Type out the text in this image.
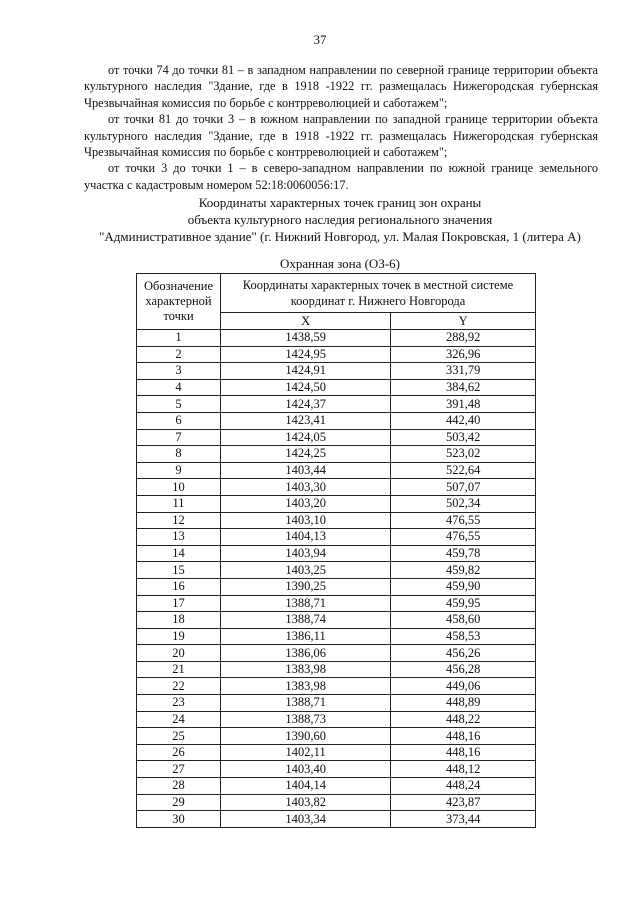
37

от точки 74 до точки 81 – в западном направлении по северной границе территории объекта культурного наследия "Здание, где в 1918 -1922 гг. размещалась Нижегородская губернская Чрезвычайная комиссия по борьбе с контрреволюцией и саботажем";

от точки 81 до точки 3 – в южном направлении по западной границе территории объекта культурного наследия "Здание, где в 1918 -1922 гг. размещалась Нижегородская губернская Чрезвычайная комиссия по борьбе с контрреволюцией и саботажем";

от точки 3 до точки 1 – в северо-западном направлении по южной границе земельного участка с кадастровым номером 52:18:0060056:17.

Координаты характерных точек границ зон охраны
объекта культурного наследия регионального значения
"Административное здание" (г. Нижний Новгород, ул. Малая Покровская, 1 (литера А)
Охранная зона (ОЗ-6)
Обозначение характерной точки	Координаты характерных точек в местной системе координат г. Нижнего Новгорода	
	X	Y
1	1438,59	288,92
2	1424,95	326,96
3	1424,91	331,79
4	1424,50	384,62
5	1424,37	391,48
6	1423,41	442,40
7	1424,05	503,42
8	1424,25	523,02
9	1403,44	522,64
10	1403,30	507,07
11	1403,20	502,34
12	1403,10	476,55
13	1404,13	476,55
14	1403,94	459,78
15	1403,25	459,82
16	1390,25	459,90
17	1388,71	459,95
18	1388,74	458,60
19	1386,11	458,53
20	1386,06	456,26
21	1383,98	456,28
22	1383,98	449,06
23	1388,71	448,89
24	1388,73	448,22
25	1390,60	448,16
26	1402,11	448,16
27	1403,40	448,12
28	1404,14	448,24
29	1403,82	423,87
30	1403,34	373,44
